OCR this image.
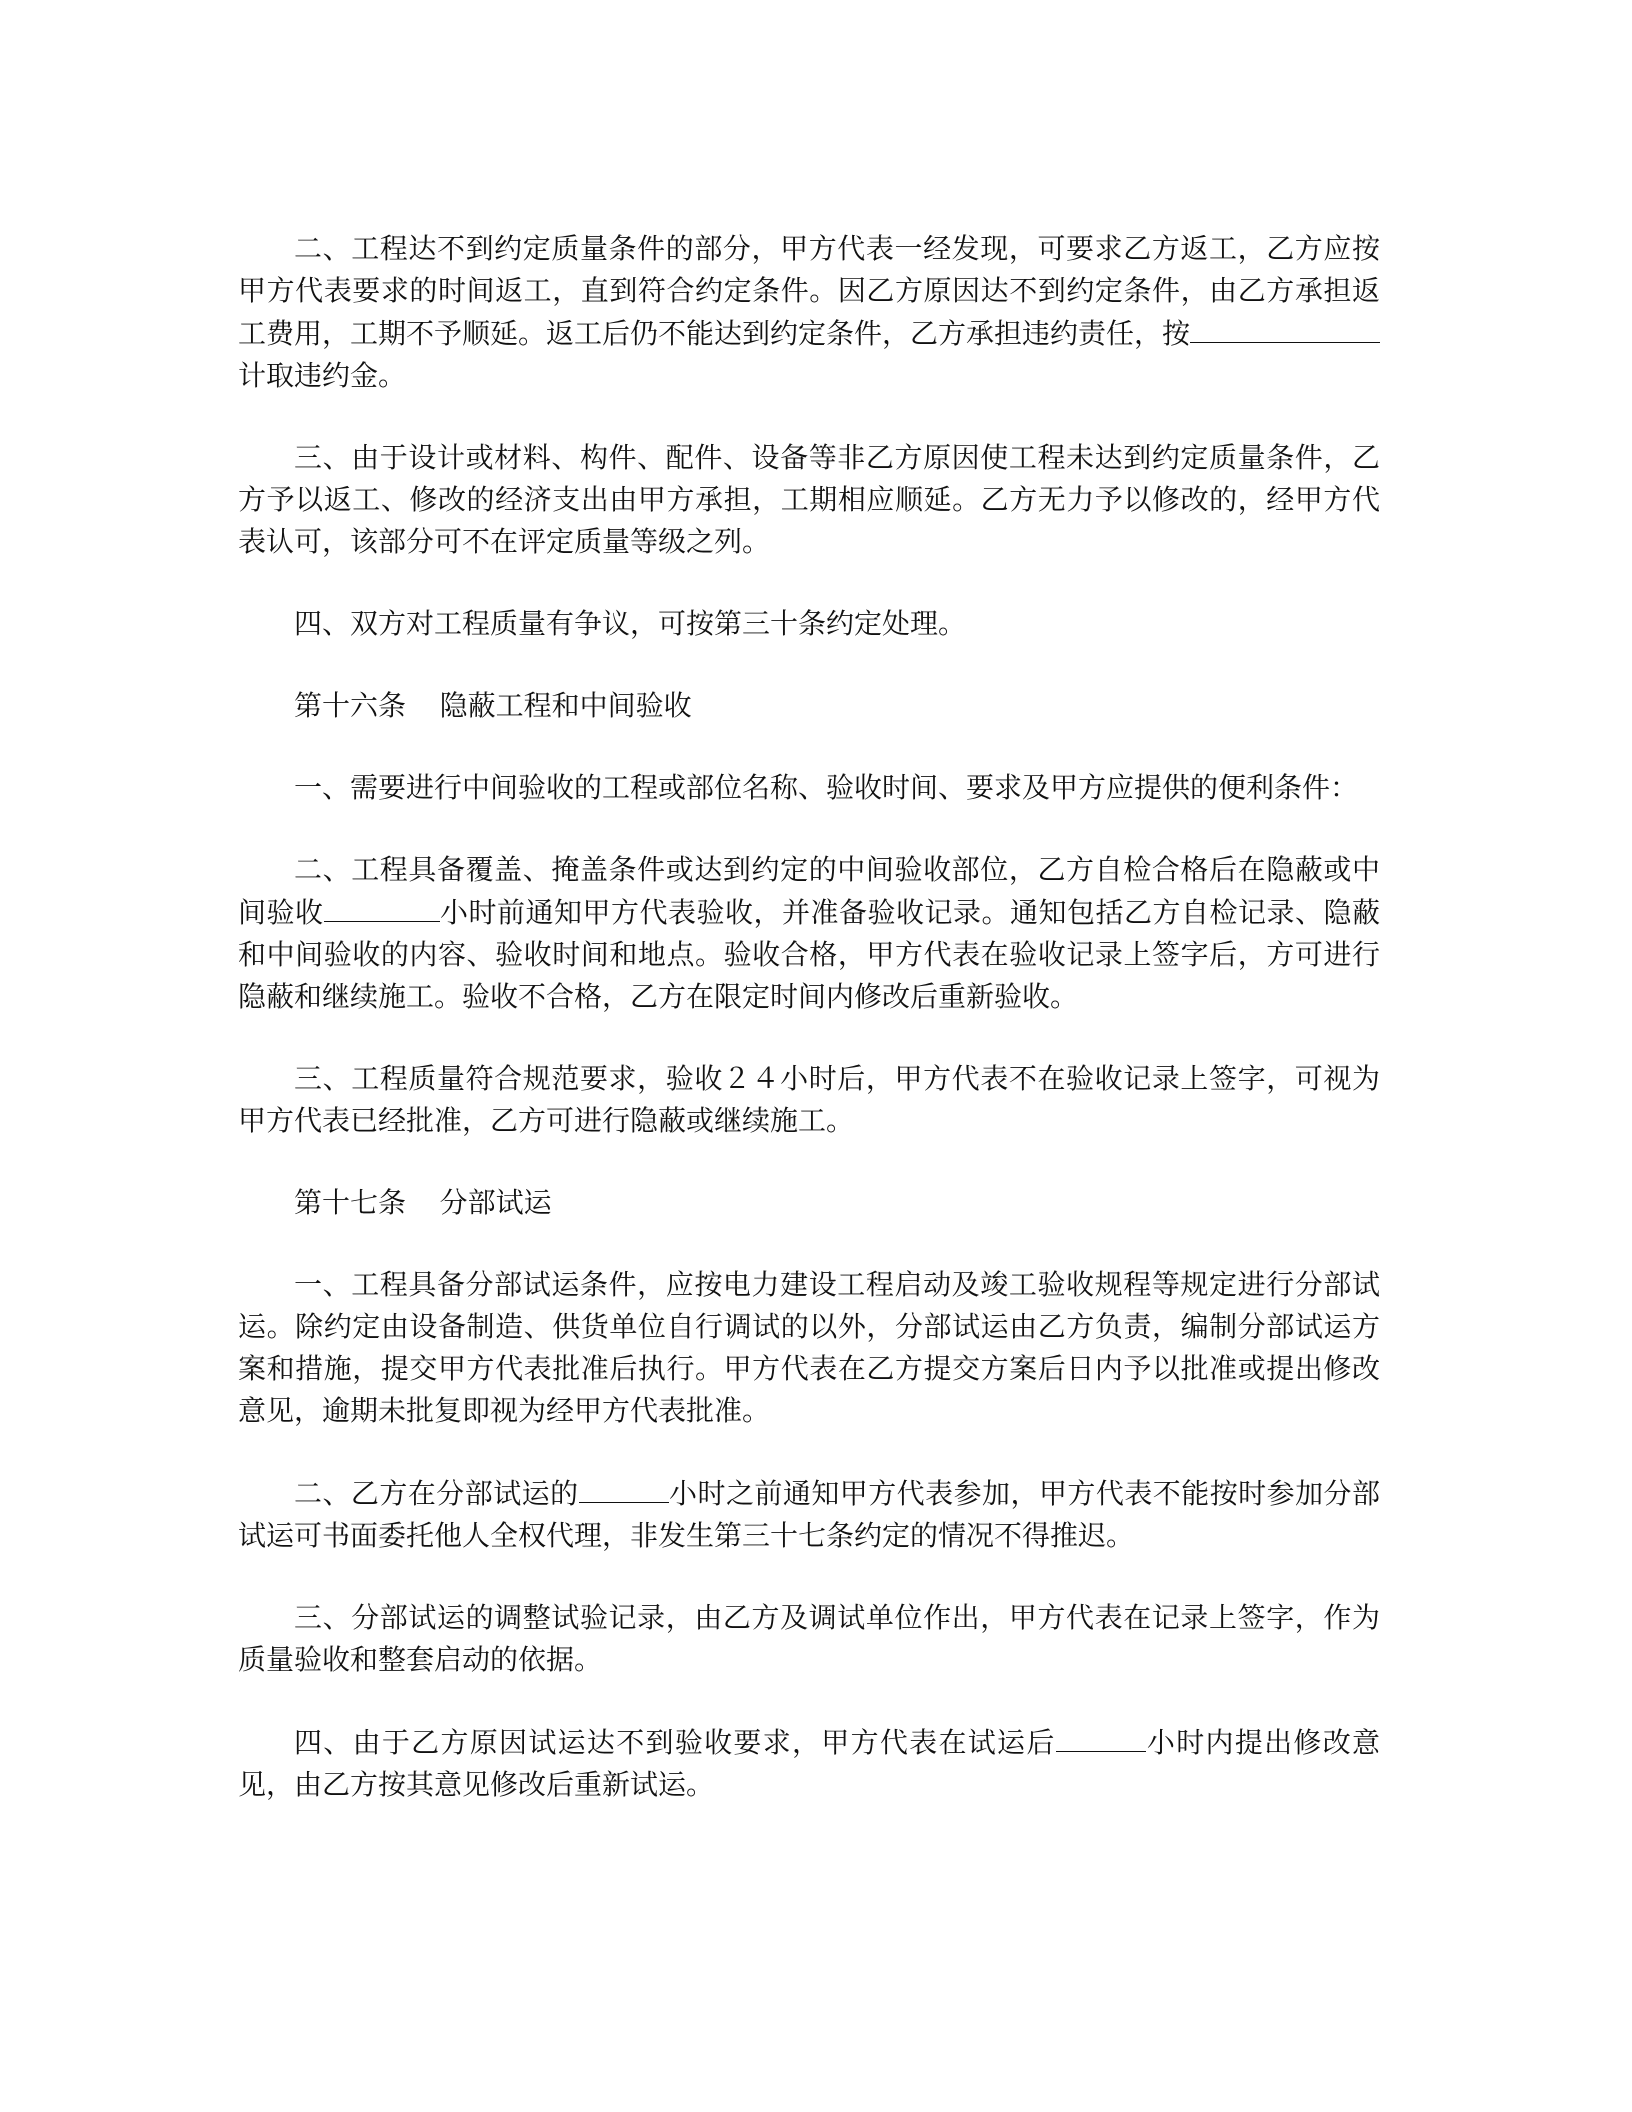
二、工程达不到约定质量条件的部分，甲方代表一经发现，可要求乙方返工，乙方应按甲方代表要求的时间返工，直到符合约定条件。因乙方原因达不到约定条件，由乙方承担返工费用，工期不予顺延。返工后仍不能达到约定条件，乙方承担违约责任，按计取违约金。

三、由于设计或材料、构件、配件、设备等非乙方原因使工程未达到约定质量条件，乙方予以返工、修改的经济支出由甲方承担，工期相应顺延。乙方无力予以修改的，经甲方代表认可，该部分可不在评定质量等级之列。

四、双方对工程质量有争议，可按第三十条约定处理。

第十六条 隐蔽工程和中间验收

一、需要进行中间验收的工程或部位名称、验收时间、要求及甲方应提供的便利条件：

二、工程具备覆盖、掩盖条件或达到约定的中间验收部位，乙方自检合格后在隐蔽或中间验收	小时前通知甲方代表验收，并准备验收记录。通知包括乙方自检记录、隐蔽和中间验收的内容、验收时间和地点。验收合格，甲方代表在验收记录上签字后，方可进行隐蔽和继续施工。验收不合格，乙方在限定时间内修改后重新验收。

三、工程质量符合规范要求，验收２４小时后，甲方代表不在验收记录上签字，可视为甲方代表已经批准，乙方可进行隐蔽或继续施工。

第十七条 分部试运

一、工程具备分部试运条件，应按电力建设工程启动及竣工验收规程等规定进行分部试运。除约定由设备制造、供货单位自行调试的以外，分部试运由乙方负责，编制分部试运方案和措施，提交甲方代表批准后执行。甲方代表在乙方提交方案后日内予以批准或提出修改意见，逾期未批复即视为经甲方代表批准。

二、乙方在分部试运的	小时之前通知甲方代表参加，甲方代表不能按时参加分部试运可书面委托他人全权代理，非发生第三十七条约定的情况不得推迟。

三、分部试运的调整试验记录，由乙方及调试单位作出，甲方代表在记录上签字，作为质量验收和整套启动的依据。

四、由于乙方原因试运达不到验收要求，甲方代表在试运后	小时内提出修改意见，由乙方按其意见修改后重新试运。
